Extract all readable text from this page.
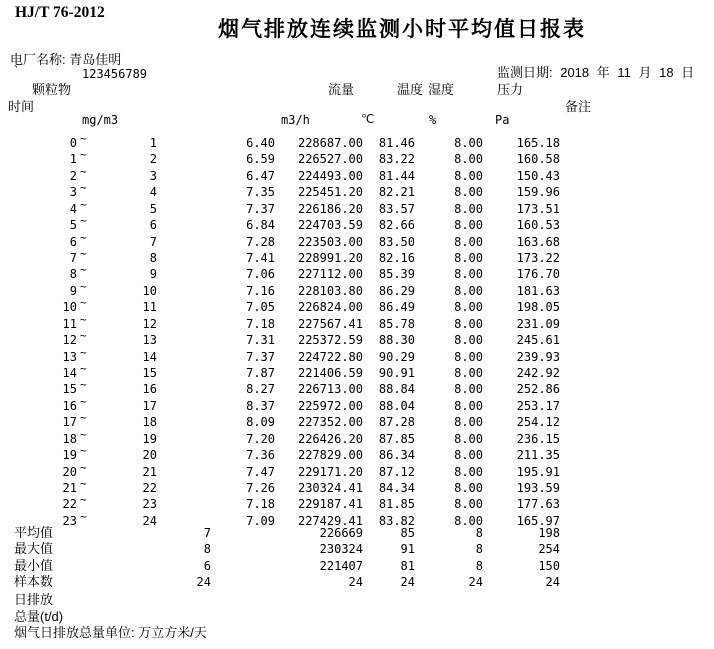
HJ/T 76-2012
烟气排放连续监测小时平均值日报表
电厂名称: 青岛佳明
`	123456789	监测日期: 2018 年 11 月 18 日
颗粒物	流量	温度 湿度	压力
时间	备注
mg/m3	m3/h	℃	%	Pa
0 ~	1	6.40	228687.00	81.46	8.00	165.18
1 ~	2	6.59	226527.00	83.22	8.00	160.58
2 ~	3	6.47	224493.00	81.44	8.00	150.43
3 ~	4	7.35	225451.20	82.21	8.00	159.96
4 ~	5	7.37	226186.20	83.57	8.00	173.51
5 ~	6	6.84	224703.59	82.66	8.00	160.53
6 ~	7	7.28	223503.00	83.50	8.00	163.68
7 ~	8	7.41	228991.20	82.16	8.00	173.22
8 ~	9	7.06	227112.00	85.39	8.00	176.70
9 ~	10	7.16	228103.80	86.29	8.00	181.63
10 ~	11	7.05	226824.00	86.49	8.00	198.05
11 ~	12	7.18	227567.41	85.78	8.00	231.09
12 ~	13	7.31	225372.59	88.30	8.00	245.61
13 ~	14	7.37	224722.80	90.29	8.00	239.93
14 ~	15	7.87	221406.59	90.91	8.00	242.92
15 ~	16	8.27	226713.00	88.84	8.00	252.86
16 ~	17	8.37	225972.00	88.04	8.00	253.17
17 ~	18	8.09	227352.00	87.28	8.00	254.12
18 ~	19	7.20	226426.20	87.85	8.00	236.15
19 ~	20	7.36	227829.00	86.34	8.00	211.35
20 ~	21	7.47	229171.20	87.12	8.00	195.91
21 ~	22	7.26	230324.41	84.34	8.00	193.59
22 ~	23	7.18	229187.41	81.85	8.00	177.63
23 ~	24	7.09	227429.41	83.82	8.00	165.97
平均值	7	226669	85	8	198
最大值	8	230324	91	8	254
最小值	6	221407	81	8	150
样本数	24	24	24	24	24
日排放
总量(t/d)
烟气日排放总量单位: 万立方米/天
